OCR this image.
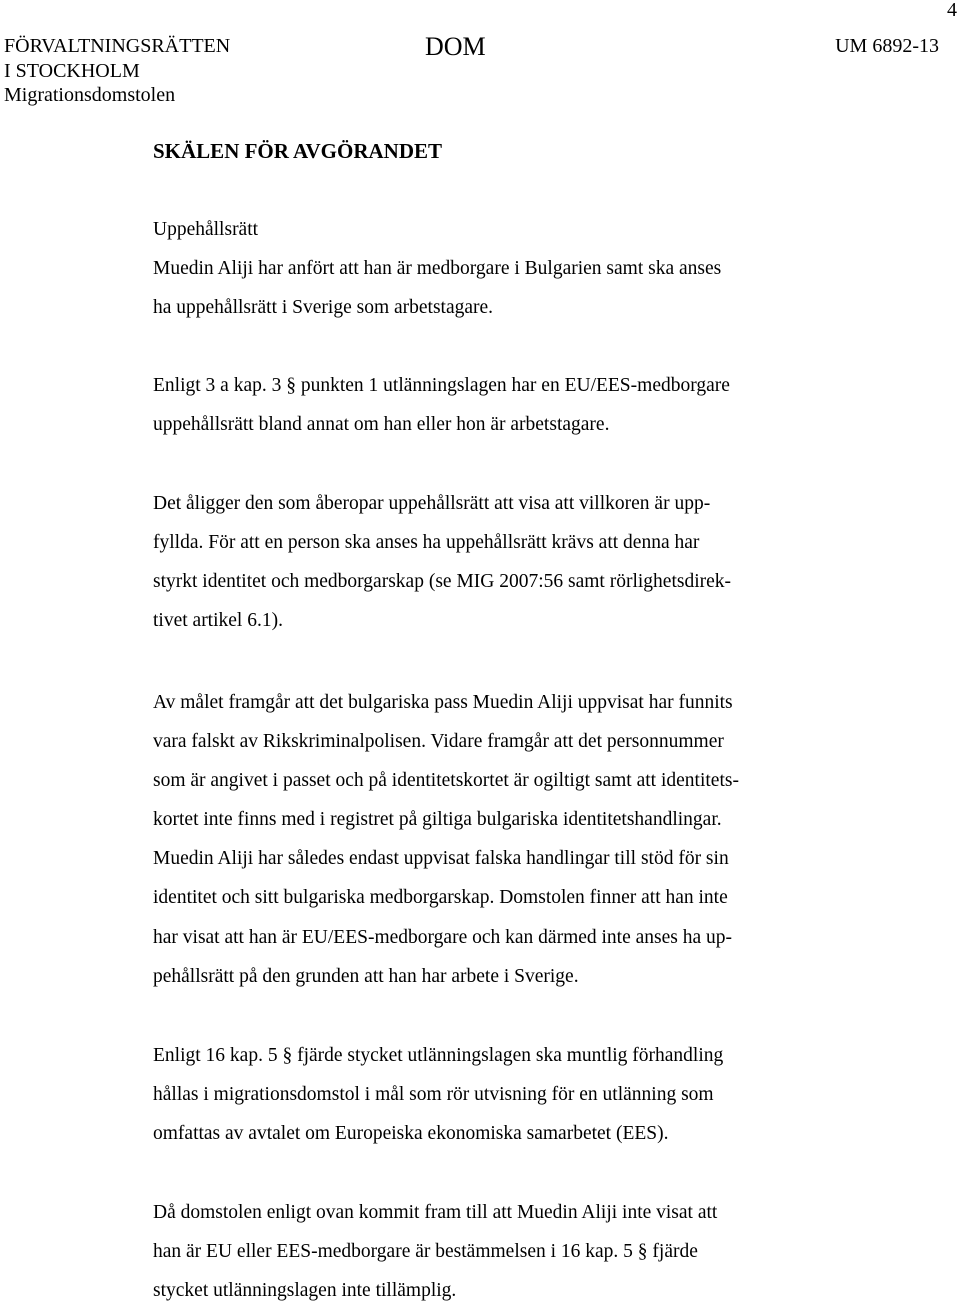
4
FÖRVALTNINGSRÄTTEN
I STOCKHOLM
Migrationsdomstolen
DOM	UM 6892-13
SKÄLEN FÖR AVGÖRANDET
Uppehållsrätt

Muedin Aliji har anfört att han är medborgare i Bulgarien samt ska anses

ha uppehållsrätt i Sverige som arbetstagare.

Enligt 3 a kap. 3 § punkten 1 utlänningslagen har en EU/EES-medborgare

uppehållsrätt bland annat om han eller hon är arbetstagare.

Det åligger den som åberopar uppehållsrätt att visa att villkoren är upp-

fyllda. För att en person ska anses ha uppehållsrätt krävs att denna har

styrkt identitet och medborgarskap (se MIG 2007:56 samt rörlighetsdirek-

tivet artikel 6.1).

Av målet framgår att det bulgariska pass Muedin Aliji uppvisat har funnits

vara falskt av Rikskriminalpolisen. Vidare framgår att det personnummer

som är angivet i passet och på identitetskortet är ogiltigt samt att identitets-

kortet inte finns med i registret på giltiga bulgariska identitetshandlingar.

Muedin Aliji har således endast uppvisat falska handlingar till stöd för sin

identitet och sitt bulgariska medborgarskap. Domstolen finner att han inte

har visat att han är EU/EES-medborgare och kan därmed inte anses ha up-

pehållsrätt på den grunden att han har arbete i Sverige.

Enligt 16 kap. 5 § fjärde stycket utlänningslagen ska muntlig förhandling

hållas i migrationsdomstol i mål som rör utvisning för en utlänning som

omfattas av avtalet om Europeiska ekonomiska samarbetet (EES).

Då domstolen enligt ovan kommit fram till att Muedin Aliji inte visat att

han är EU eller EES-medborgare är bestämmelsen i 16 kap. 5 § fjärde

stycket utlänningslagen inte tillämplig.
